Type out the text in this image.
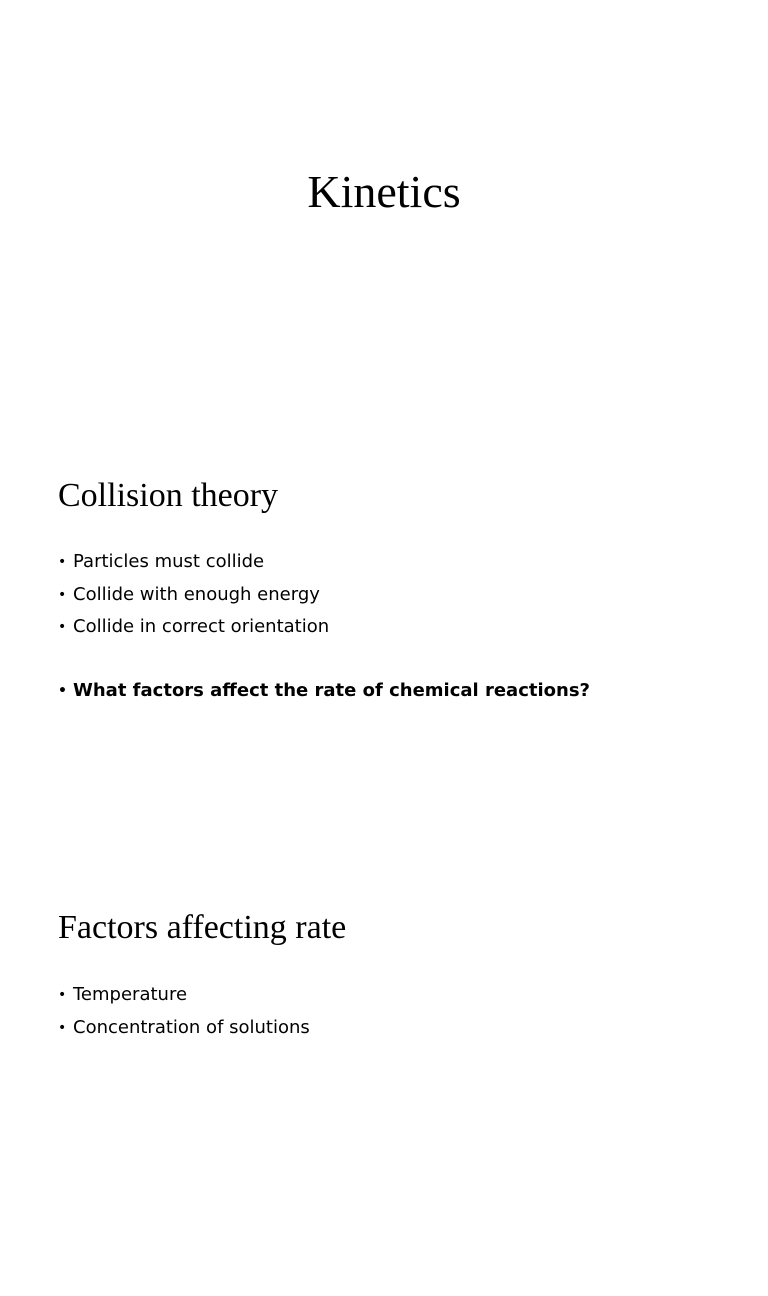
Kinetics
Collision theory
• Particles must collide
• Collide with enough energy
• Collide in correct orientation
• What factors affect the rate of chemical reactions?
Factors affecting rate
• Temperature
• Concentration of solutions
